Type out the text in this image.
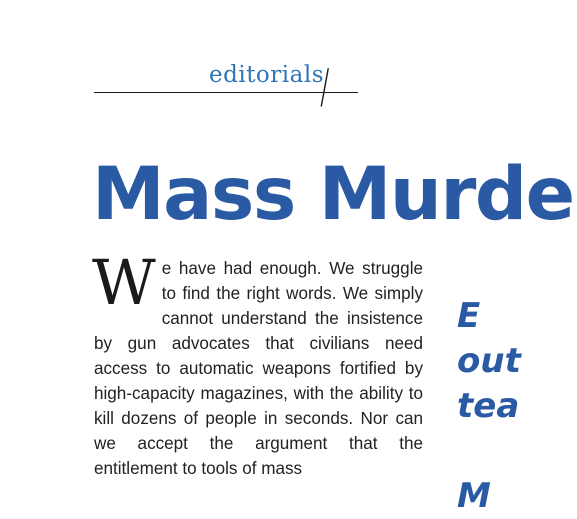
editorials
/
Mass Murde

We have had enough. We struggle to find the right words. We simply cannot understand the insistence by gun advocates that civilians need access to automatic weapons fortified by high-capacity magazines, with the ability to kill dozens of people in seconds. Nor can we accept the argument that the entitlement to tools of mass

E
out
tea

M
